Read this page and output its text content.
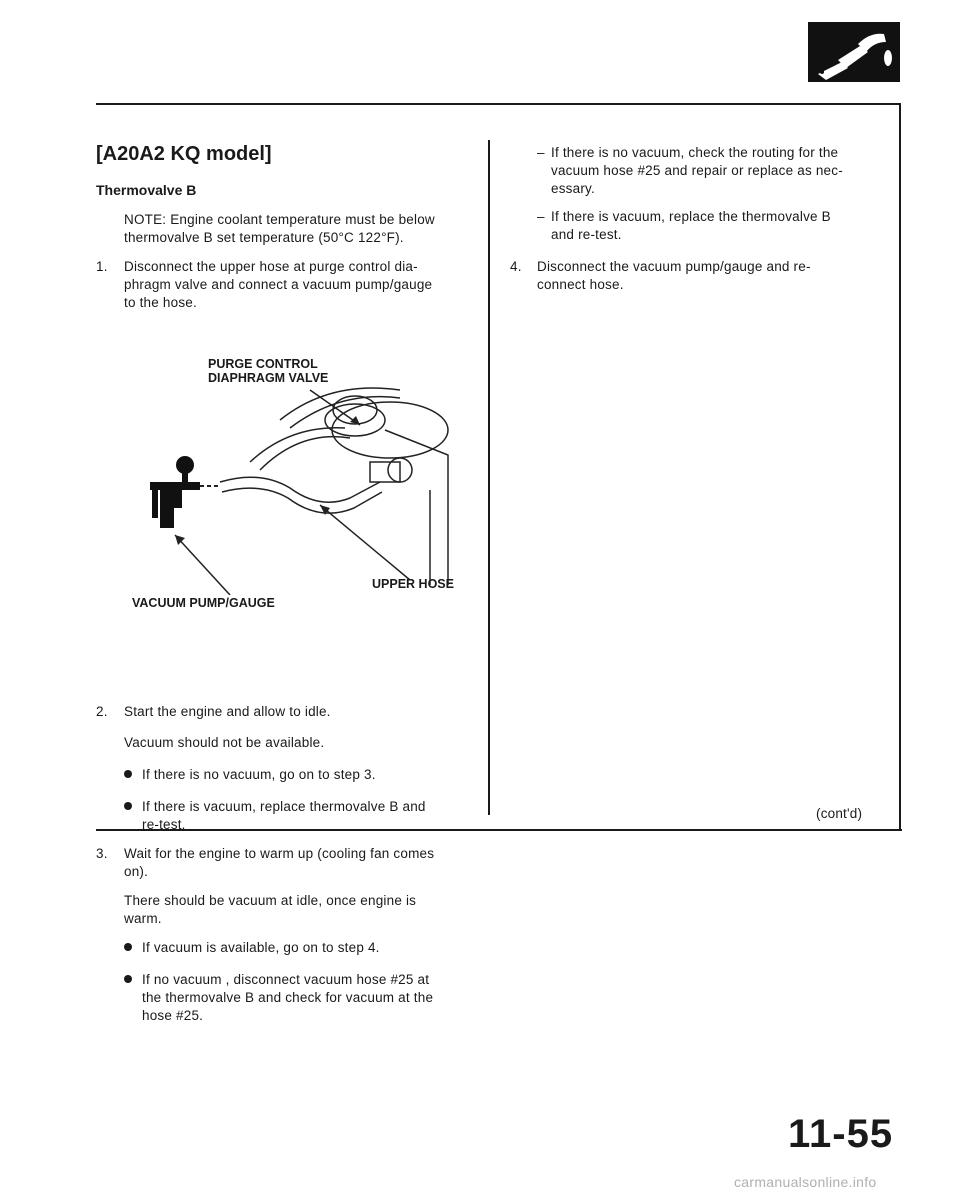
[A20A2 KQ model]
Thermovalve B
NOTE: Engine coolant temperature must be below
thermovalve B set temperature (50°C 122°F).
1.	Disconnect the upper hose at purge control dia-
phragm valve and connect a vacuum pump/gauge
to the hose.
PURGE CONTROL
DIAPHRAGM VALVE
UPPER HOSE
VACUUM PUMP/GAUGE
2.	Start the engine and allow to idle.
Vacuum should not be available.
If there is no vacuum, go on to step 3.
If there is vacuum, replace thermovalve B and
re-test.
3.	Wait for the engine to warm up (cooling fan comes
on).
There should be vacuum at idle, once engine is
warm.
If vacuum is available, go on to step 4.
If no vacuum , disconnect vacuum hose #25 at
the thermovalve B and check for vacuum at the
hose #25.
– If there is no vacuum, check the routing for the
vacuum hose #25 and repair or replace as nec-
essary.
– If there is vacuum, replace the thermovalve B
and re-test.
4.	Disconnect the vacuum pump/gauge and re-
connect hose.
(cont'd)
11-55
carmanualsonline.info
